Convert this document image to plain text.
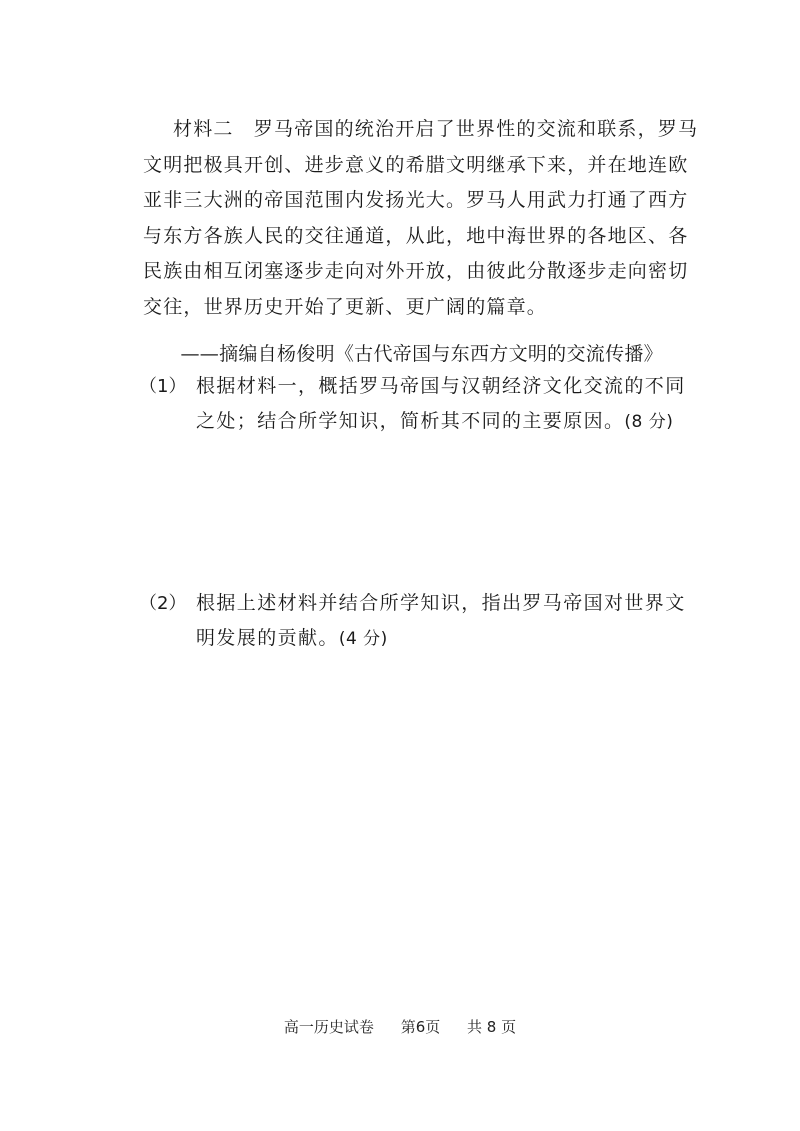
材料二　罗马帝国的统治开启了世界性的交流和联系，罗马
文明把极具开创、进步意义的希腊文明继承下来，并在地连欧
亚非三大洲的帝国范围内发扬光大。罗马人用武力打通了西方
与东方各族人民的交往通道，从此，地中海世界的各地区、各
民族由相互闭塞逐步走向对外开放，由彼此分散逐步走向密切
交往，世界历史开始了更新、更广阔的篇章。
——摘编自杨俊明《古代帝国与东西方文明的交流传播》
（1） 根据材料一，概括罗马帝国与汉朝经济文化交流的不同
之处；结合所学知识，简析其不同的主要原因。(8 分)
（2） 根据上述材料并结合所学知识，指出罗马帝国对世界文
明发展的贡献。(4 分)
高一历史试卷 第6页 共 8 页
